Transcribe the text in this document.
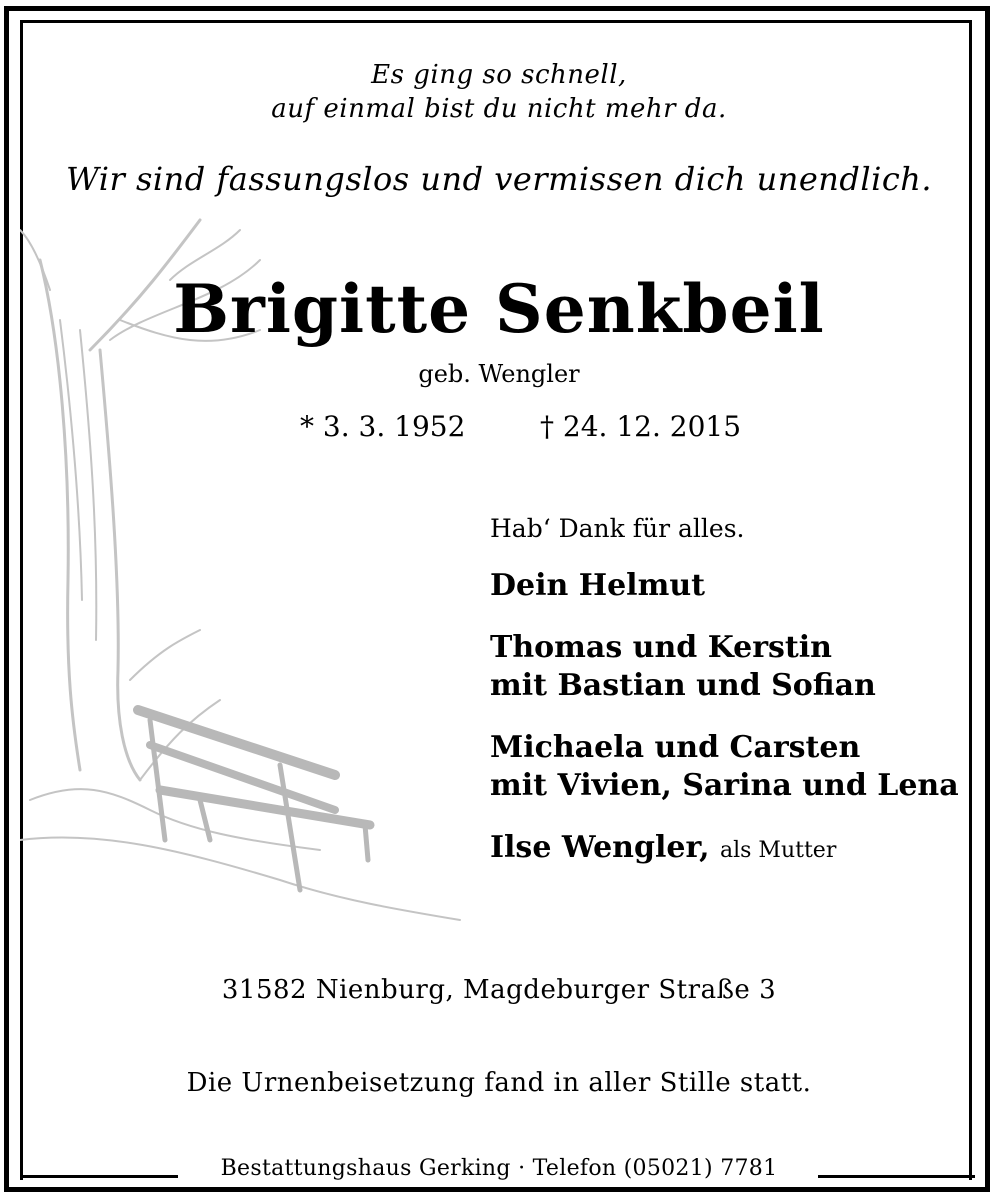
Es ging so schnell,
auf einmal bist du nicht mehr da.
Wir sind fassungslos und vermissen dich unendlich.
Brigitte Senkbeil
geb. Wengler
* 3. 3. 1952	† 24. 12. 2015
Hab‘ Dank für alles.
Dein Helmut
Thomas und Kerstin
mit Bastian und Sofian
Michaela und Carsten
mit Vivien, Sarina und Lena
Ilse Wengler, als Mutter
31582 Nienburg, Magdeburger Straße 3
Die Urnenbeisetzung fand in aller Stille statt.
Bestattungshaus Gerking · Telefon (05021) 7781
